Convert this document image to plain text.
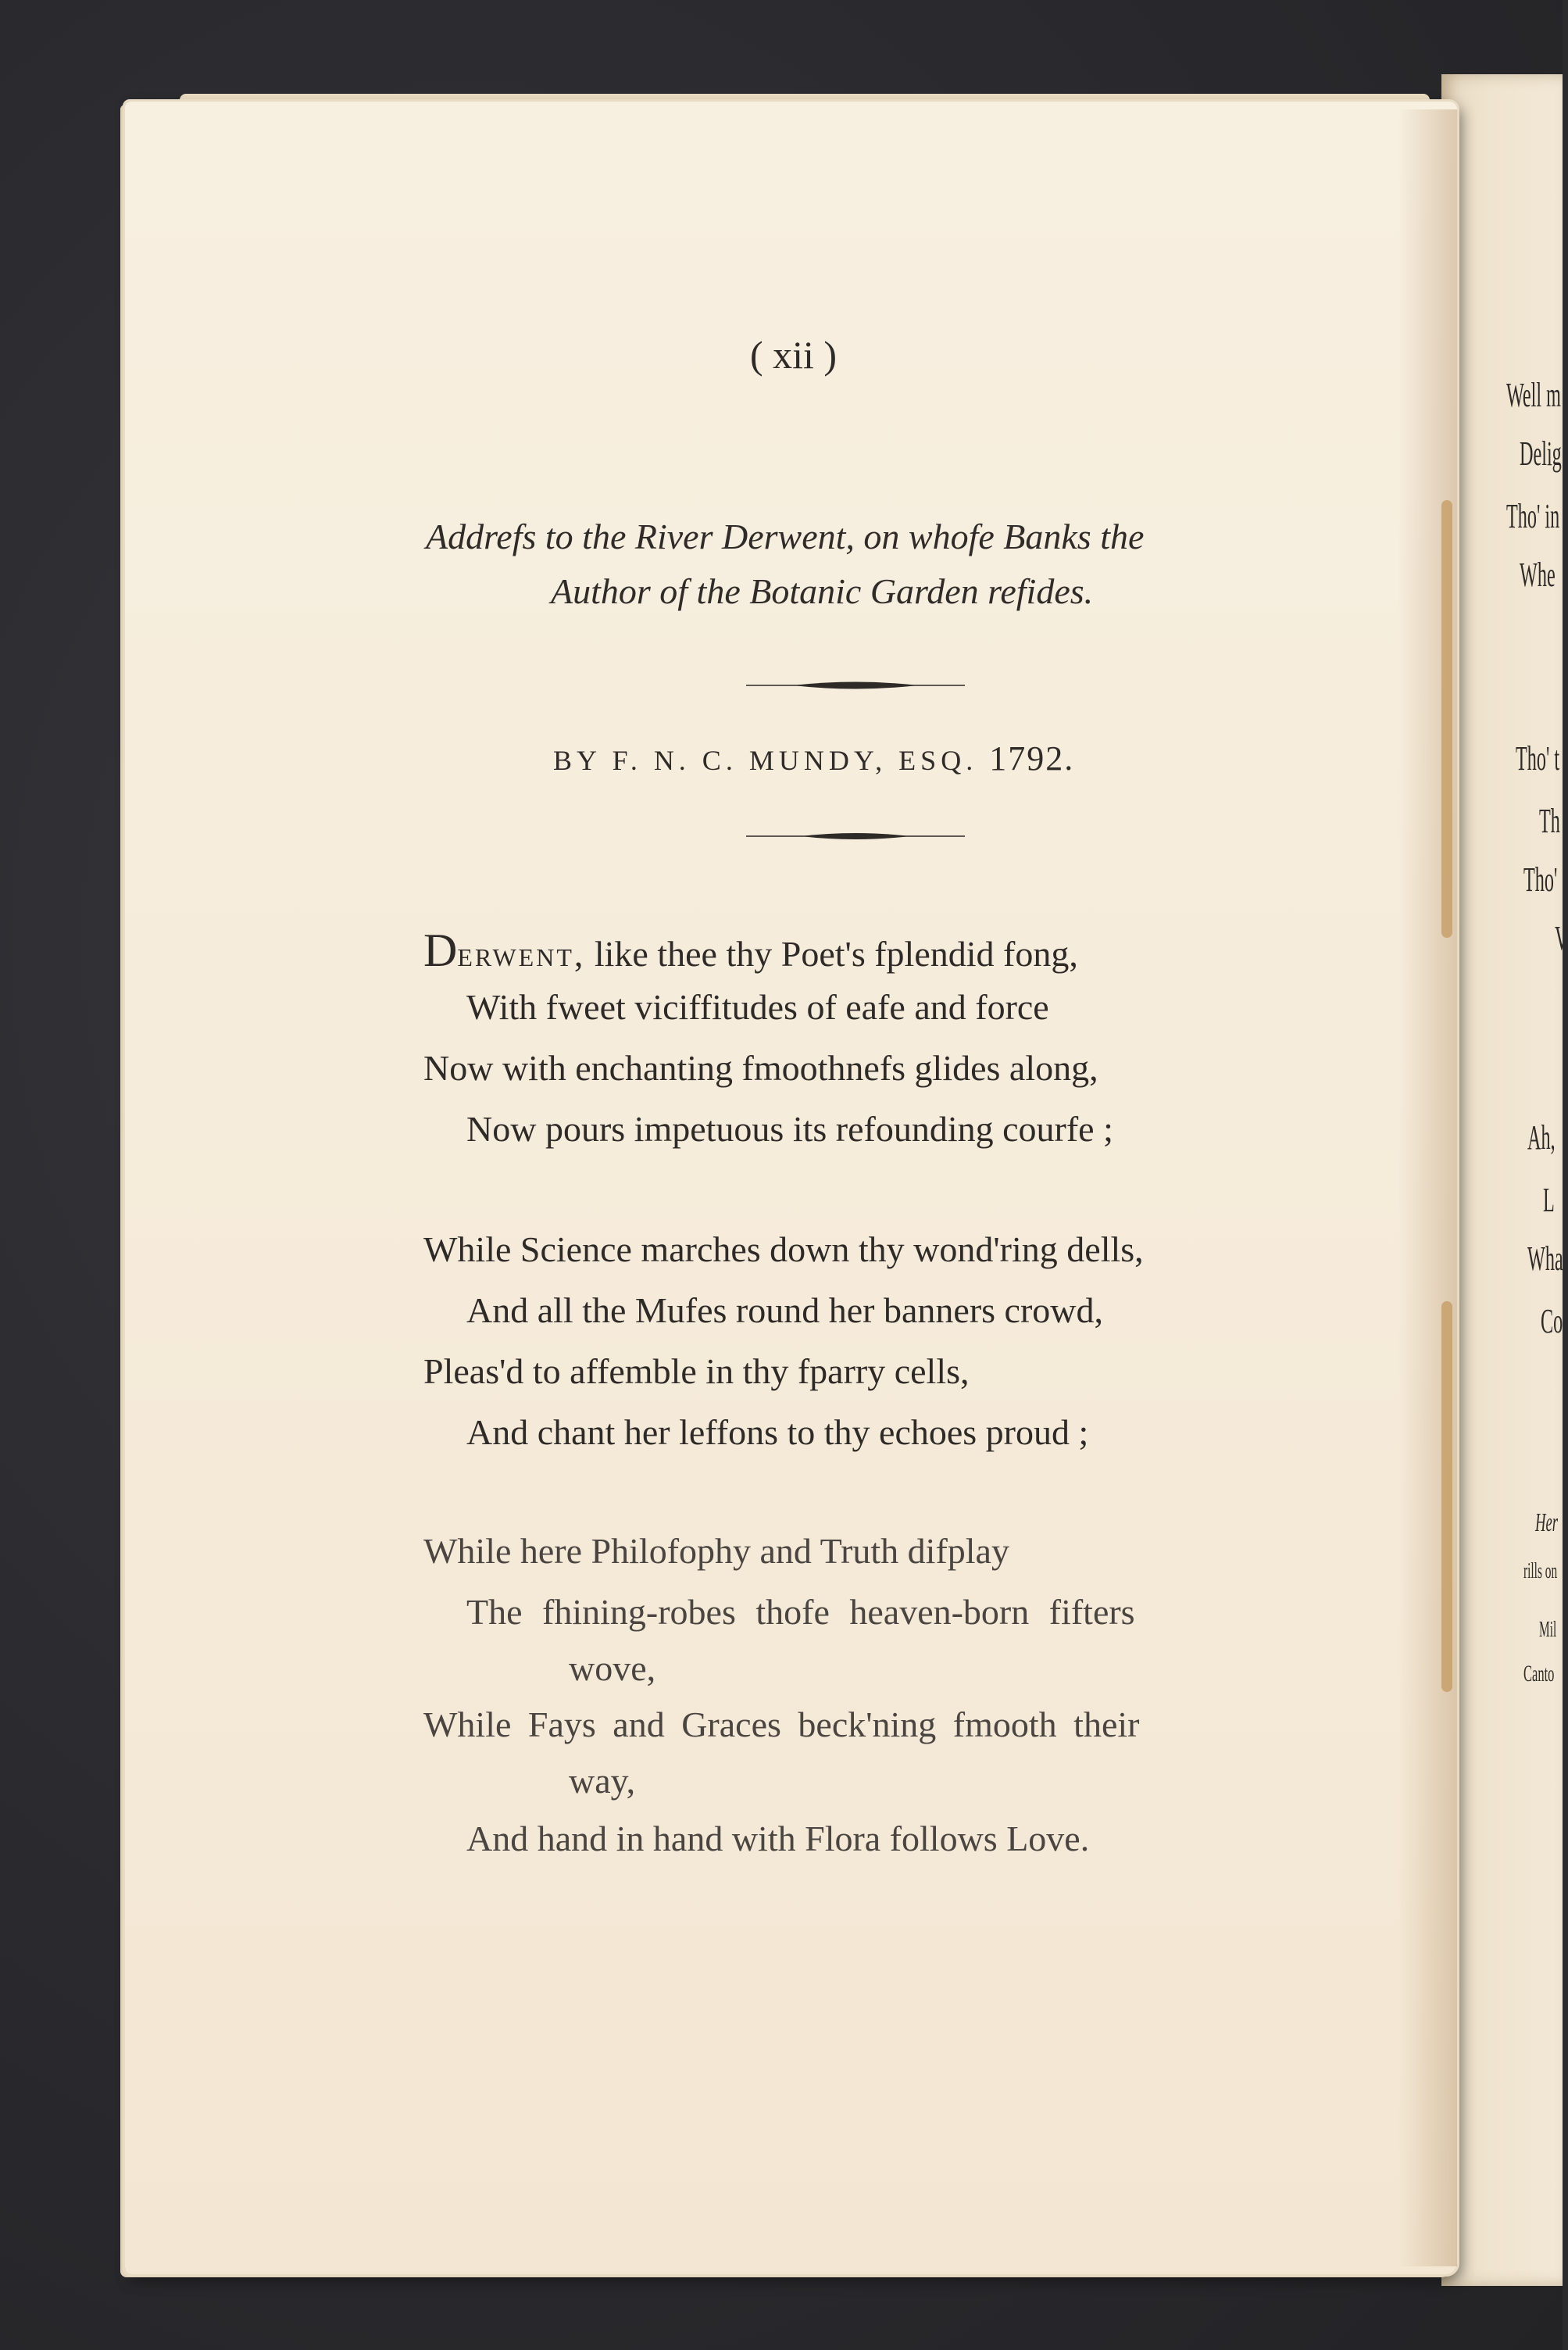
Well m
Delig
Tho' in
Whe
Tho' t
Th
Tho'
V
Ah,
L
Wha
Co
Her
rills on
Mil
Canto
( xii )
Addrefs to the River Derwent, on whofe Banks the
Author of the Botanic Garden refides.
BY F. N. C. MUNDY, ESQ. 1792.
Derwent, like thee thy Poet's fplendid fong,
With fweet viciffitudes of eafe and force
Now with enchanting fmoothnefs glides along,
Now pours impetuous its refounding courfe ;
While Science marches down thy wond'ring dells,
And all the Mufes round her banners crowd,
Pleas'd to affemble in thy fparry cells,
And chant her leffons to thy echoes proud ;
While here Philofophy and Truth difplay
The fhining-robes thofe heaven-born fifters
wove,
While Fays and Graces beck'ning fmooth their
way,
And hand in hand with Flora follows Love.
